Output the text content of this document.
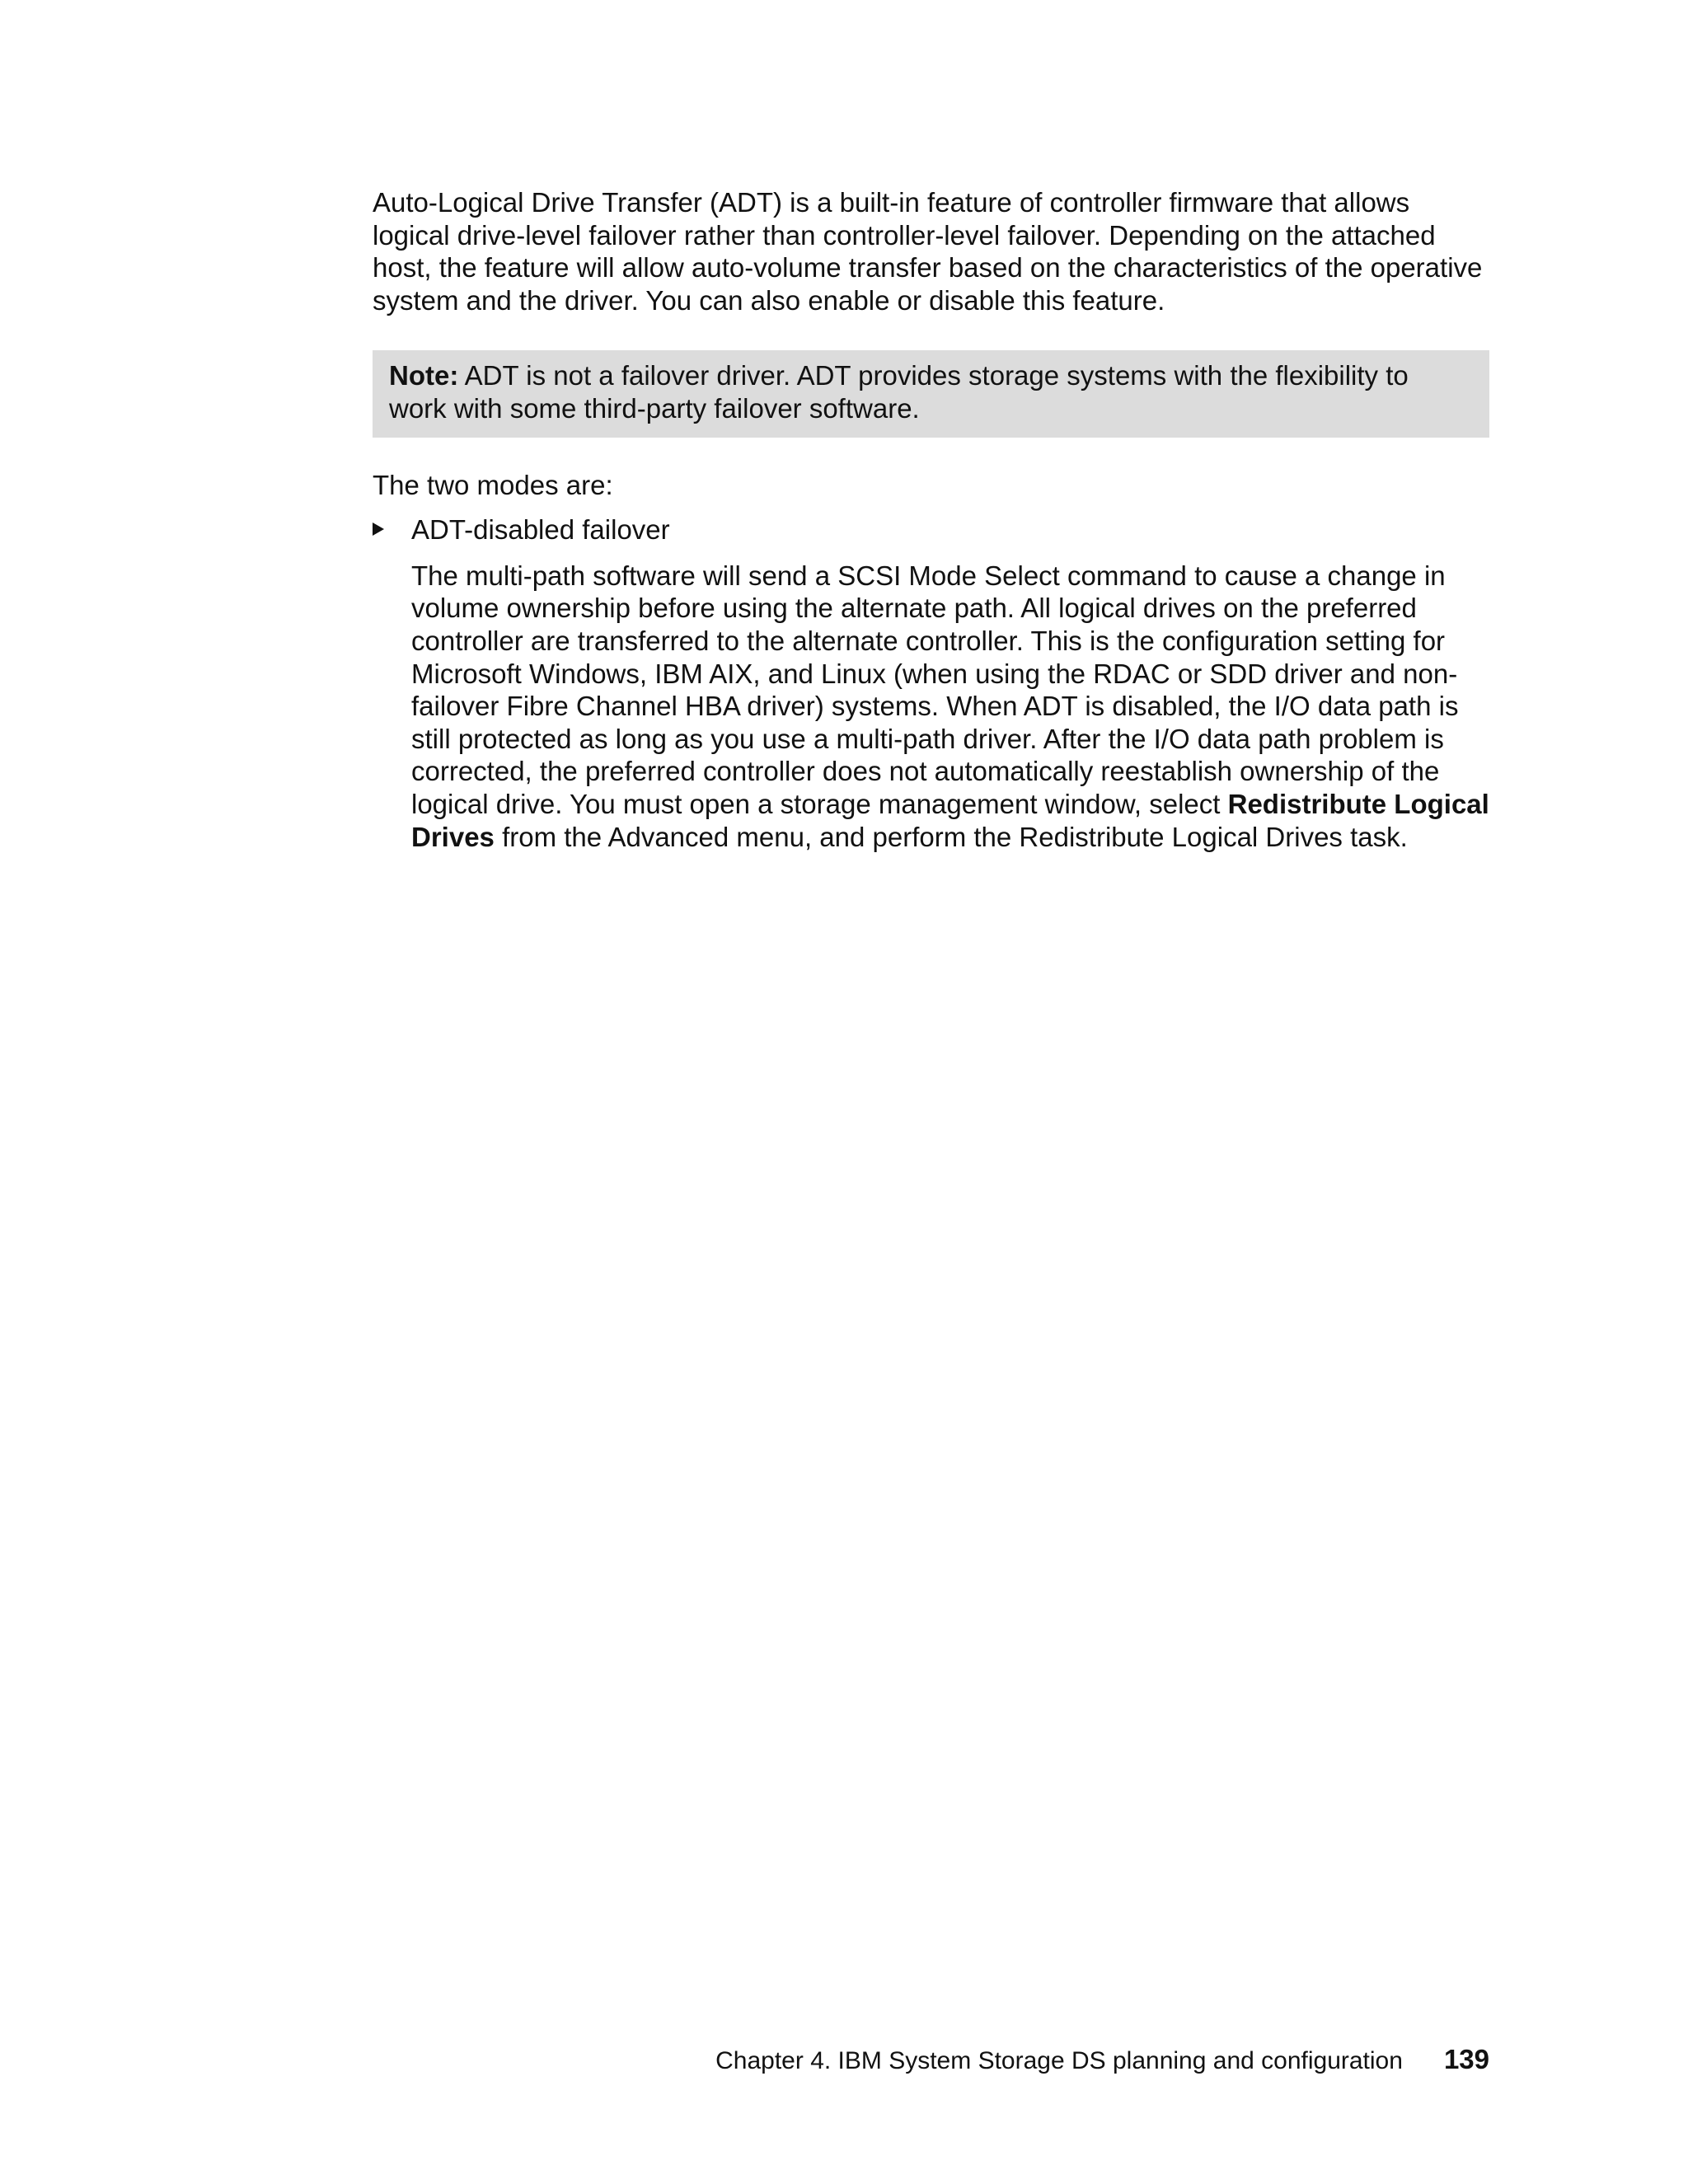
Auto-Logical Drive Transfer (ADT) is a built-in feature of controller firmware that allows logical drive-level failover rather than controller-level failover. Depending on the attached host, the feature will allow auto-volume transfer based on the characteristics of the operative system and the driver. You can also enable or disable this feature.

Note: ADT is not a failover driver. ADT provides storage systems with the flexibility to work with some third-party failover software.

The two modes are:

ADT-disabled failover

The multi-path software will send a SCSI Mode Select command to cause a change in volume ownership before using the alternate path. All logical drives on the preferred controller are transferred to the alternate controller. This is the configuration setting for Microsoft Windows, IBM AIX, and Linux (when using the RDAC or SDD driver and non-failover Fibre Channel HBA driver) systems. When ADT is disabled, the I/O data path is still protected as long as you use a multi-path driver. After the I/O data path problem is corrected, the preferred controller does not automatically reestablish ownership of the logical drive. You must open a storage management window, select Redistribute Logical Drives from the Advanced menu, and perform the Redistribute Logical Drives task.

Chapter 4. IBM System Storage DS planning and configuration 139
